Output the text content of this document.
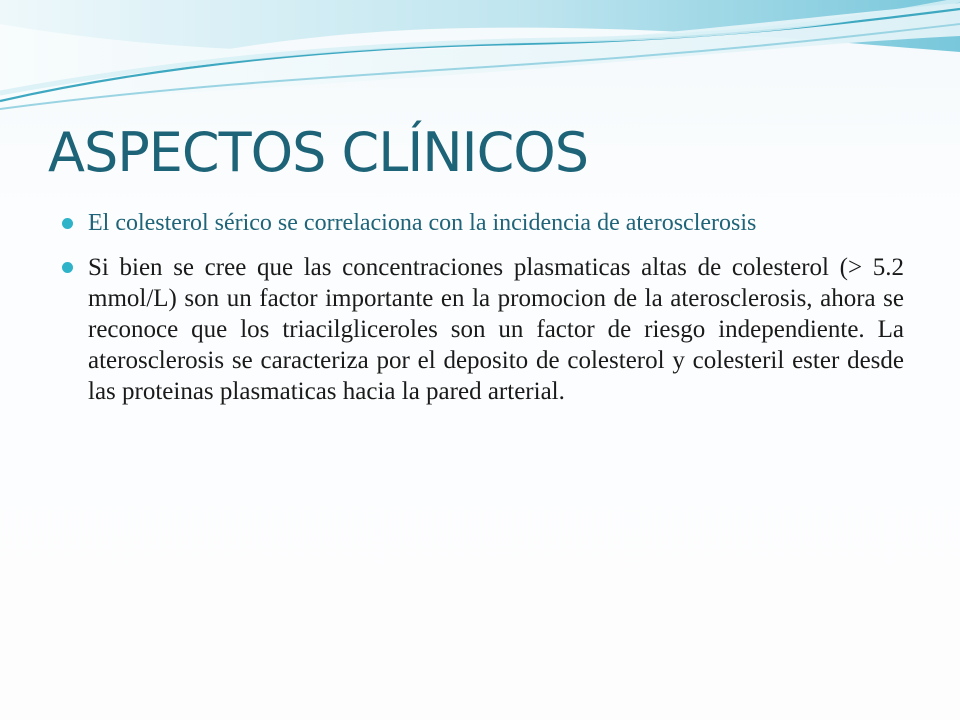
ASPECTOS CLÍNICOS
El colesterol sérico se correlaciona con la incidencia de aterosclerosis
Si bien se cree que las concentraciones plasmaticas altas de colesterol (> 5.2 mmol/L) son un factor importante en la promocion de la aterosclerosis, ahora se reconoce que los triacilgliceroles son un factor de riesgo independiente. La aterosclerosis se caracteriza por el deposito de colesterol y colesteril ester desde las proteinas plasmaticas hacia la pared arterial.
